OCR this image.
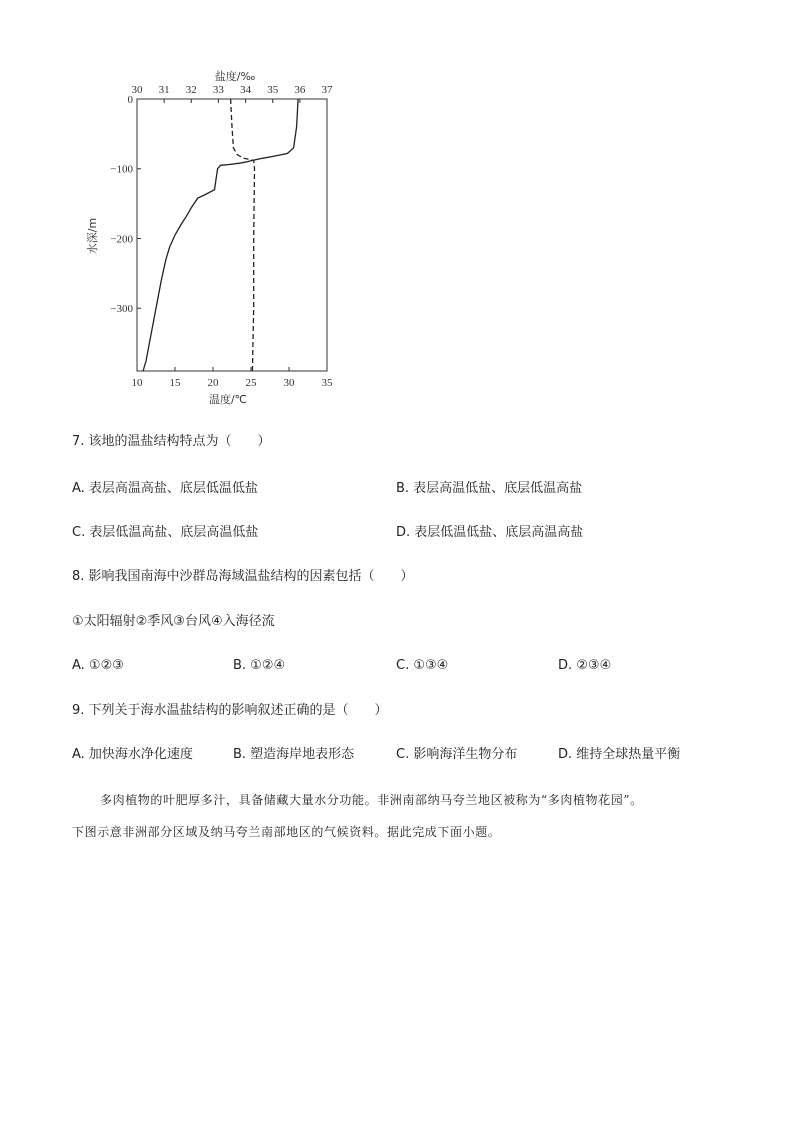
盐度/‰
温度/℃
水深/m
30 31 32 33 34 35 36 37
10 15 20 25 30 35
0
−100
−200
−300
7. 该地的温盐结构特点为（　　）
A. 表层高温高盐、底层低温低盐	B. 表层高温低盐、底层低温高盐
C. 表层低温高盐、底层高温低盐	D. 表层低温低盐、底层高温高盐
8. 影响我国南海中沙群岛海域温盐结构的因素包括（　　）
①太阳辐射②季风③台风④入海径流
A. ①②③	B. ①②④	C. ①③④	D. ②③④
9. 下列关于海水温盐结构的影响叙述正确的是（　　）
A. 加快海水净化速度	B. 塑造海岸地表形态	C. 影响海洋生物分布	D. 维持全球热量平衡
多肉植物的叶肥厚多汁，具备储藏大量水分功能。非洲南部纳马夸兰地区被称为“多肉植物花园”。
下图示意非洲部分区域及纳马夸兰南部地区的气候资料。据此完成下面小题。
